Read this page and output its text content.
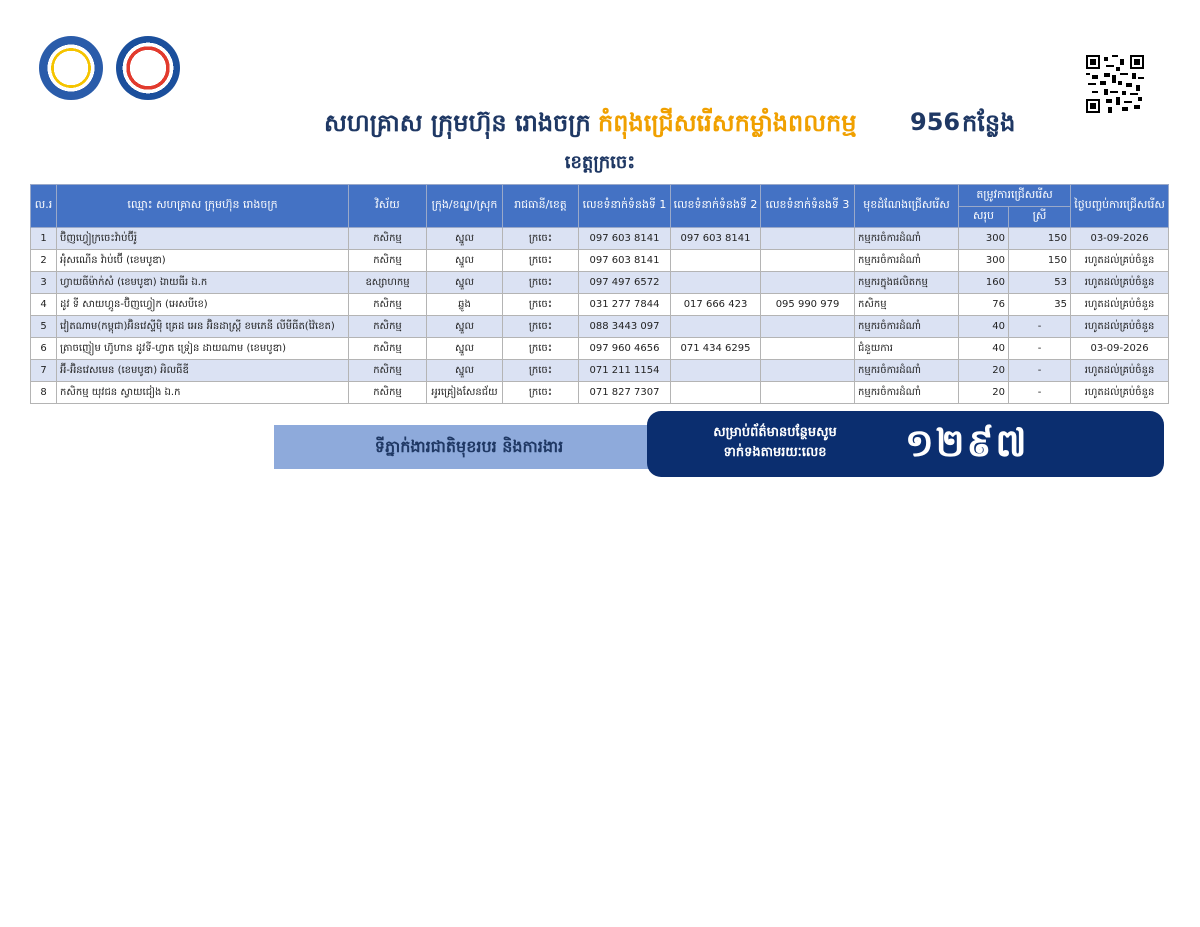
សហគ្រាស ក្រុមហ៊ុន រោងចក្រ កំពុងជ្រើសរើសកម្លាំងពលកម្ម 956 កន្លែង
ខេត្តក្រចេះ
ល.រ	ឈ្មោះ សហគ្រាស ក្រុមហ៊ុន រោងចក្រ	វិស័យ	ក្រុង/ខណ្ឌ/ស្រុក	រាជធានី/ខេត្ត	លេខទំនាក់ទំនងទី 1	លេខទំនាក់ទំនងទី 2	លេខទំនាក់ទំនងទី 3	មុខដំណែងជ្រើសរើស	តម្រូវការជ្រើសរើស		ថ្ងៃបញ្ចប់ការជ្រើសរើស
									សរុប	ស្រី	
1	ប៊ិញហ្វៀក្រចេះវ៉ាប់ប៊ីរ៉ូ	កសិកម្ម	ស្នួល	ក្រចេះ	097 603 8141	097 603 8141		កម្មករចំការដំណាំ	300	150	03-09-2026
2	អ៉ុំសណើន វ៉ាប់ប៊ើ (ខេមបូឌា)	កសិកម្ម	ស្នួល	ក្រចេះ	097 603 8141			កម្មករចំការដំណាំ	300	150	រហូតដល់គ្រប់ចំនួន
3	ហ្វាយធីម៉ាក់សំ (ខេមបូឌា) ឯាយធីរ ឯ.ក	ឧស្សាហកម្ម	ស្នួល	ក្រចេះ	097 497 6572			កម្មករក្នុងផលិតកម្ម	160	53	រហូតដល់គ្រប់ចំនួន
4	ដូវ ទី សាយហ្គូន-ប៊ិញហ្វៀក (អេសបីខេ)	កសិកម្ម	ឆ្លូង	ក្រចេះ	031 277 7844	017 666 423	095 990 979	កសិកម្ម	76	35	រហូតដល់គ្រប់ចំនួន
5	វៀតណាម(កម្ពុជា)អ៊ិនវេស្ទីម៉ិ គ្រេដ អេន អ៊ិនដាស្ត្រី ខមភេនី លីមីធីត(វ៉ៃខេត)	កសិកម្ម	ស្នួល	ក្រចេះ	088 3443 097			កម្មករចំការដំណាំ	40	-	រហូតដល់គ្រប់ចំនួន
6	ត្រាចញៀម ហ៊ូហាន ដូវទី-ហ្វាត ទ្រៀន ដាយណាម (ខេមបូឌា)	កសិកម្ម	ស្នួល	ក្រចេះ	097 960 4656	071 434 6295		ជំនួយការ	40	-	03-09-2026
7	អ៊ី-អ៊ិនវេសមេន (ខេមបូឌា) អិលធីឌី	កសិកម្ម	ស្នួល	ក្រចេះ	071 211 1154			កម្មករចំការដំណាំ	20	-	រហូតដល់គ្រប់ចំនួន
8	កសិកម្ម យុវជន ស្វាយជៀង ឯ.ក	កសិកម្ម	អូរគ្រៀងសែនជ័យ	ក្រចេះ	071 827 7307			កម្មករចំការដំណាំ	20	-	រហូតដល់គ្រប់ចំនួន
ទីភ្នាក់ងារជាតិមុខរបរ និងការងារ
សម្រាប់ព័ត៌មានបន្ថែមសូម
ទាក់ទងតាមរយៈលេខ	១២៩៧
